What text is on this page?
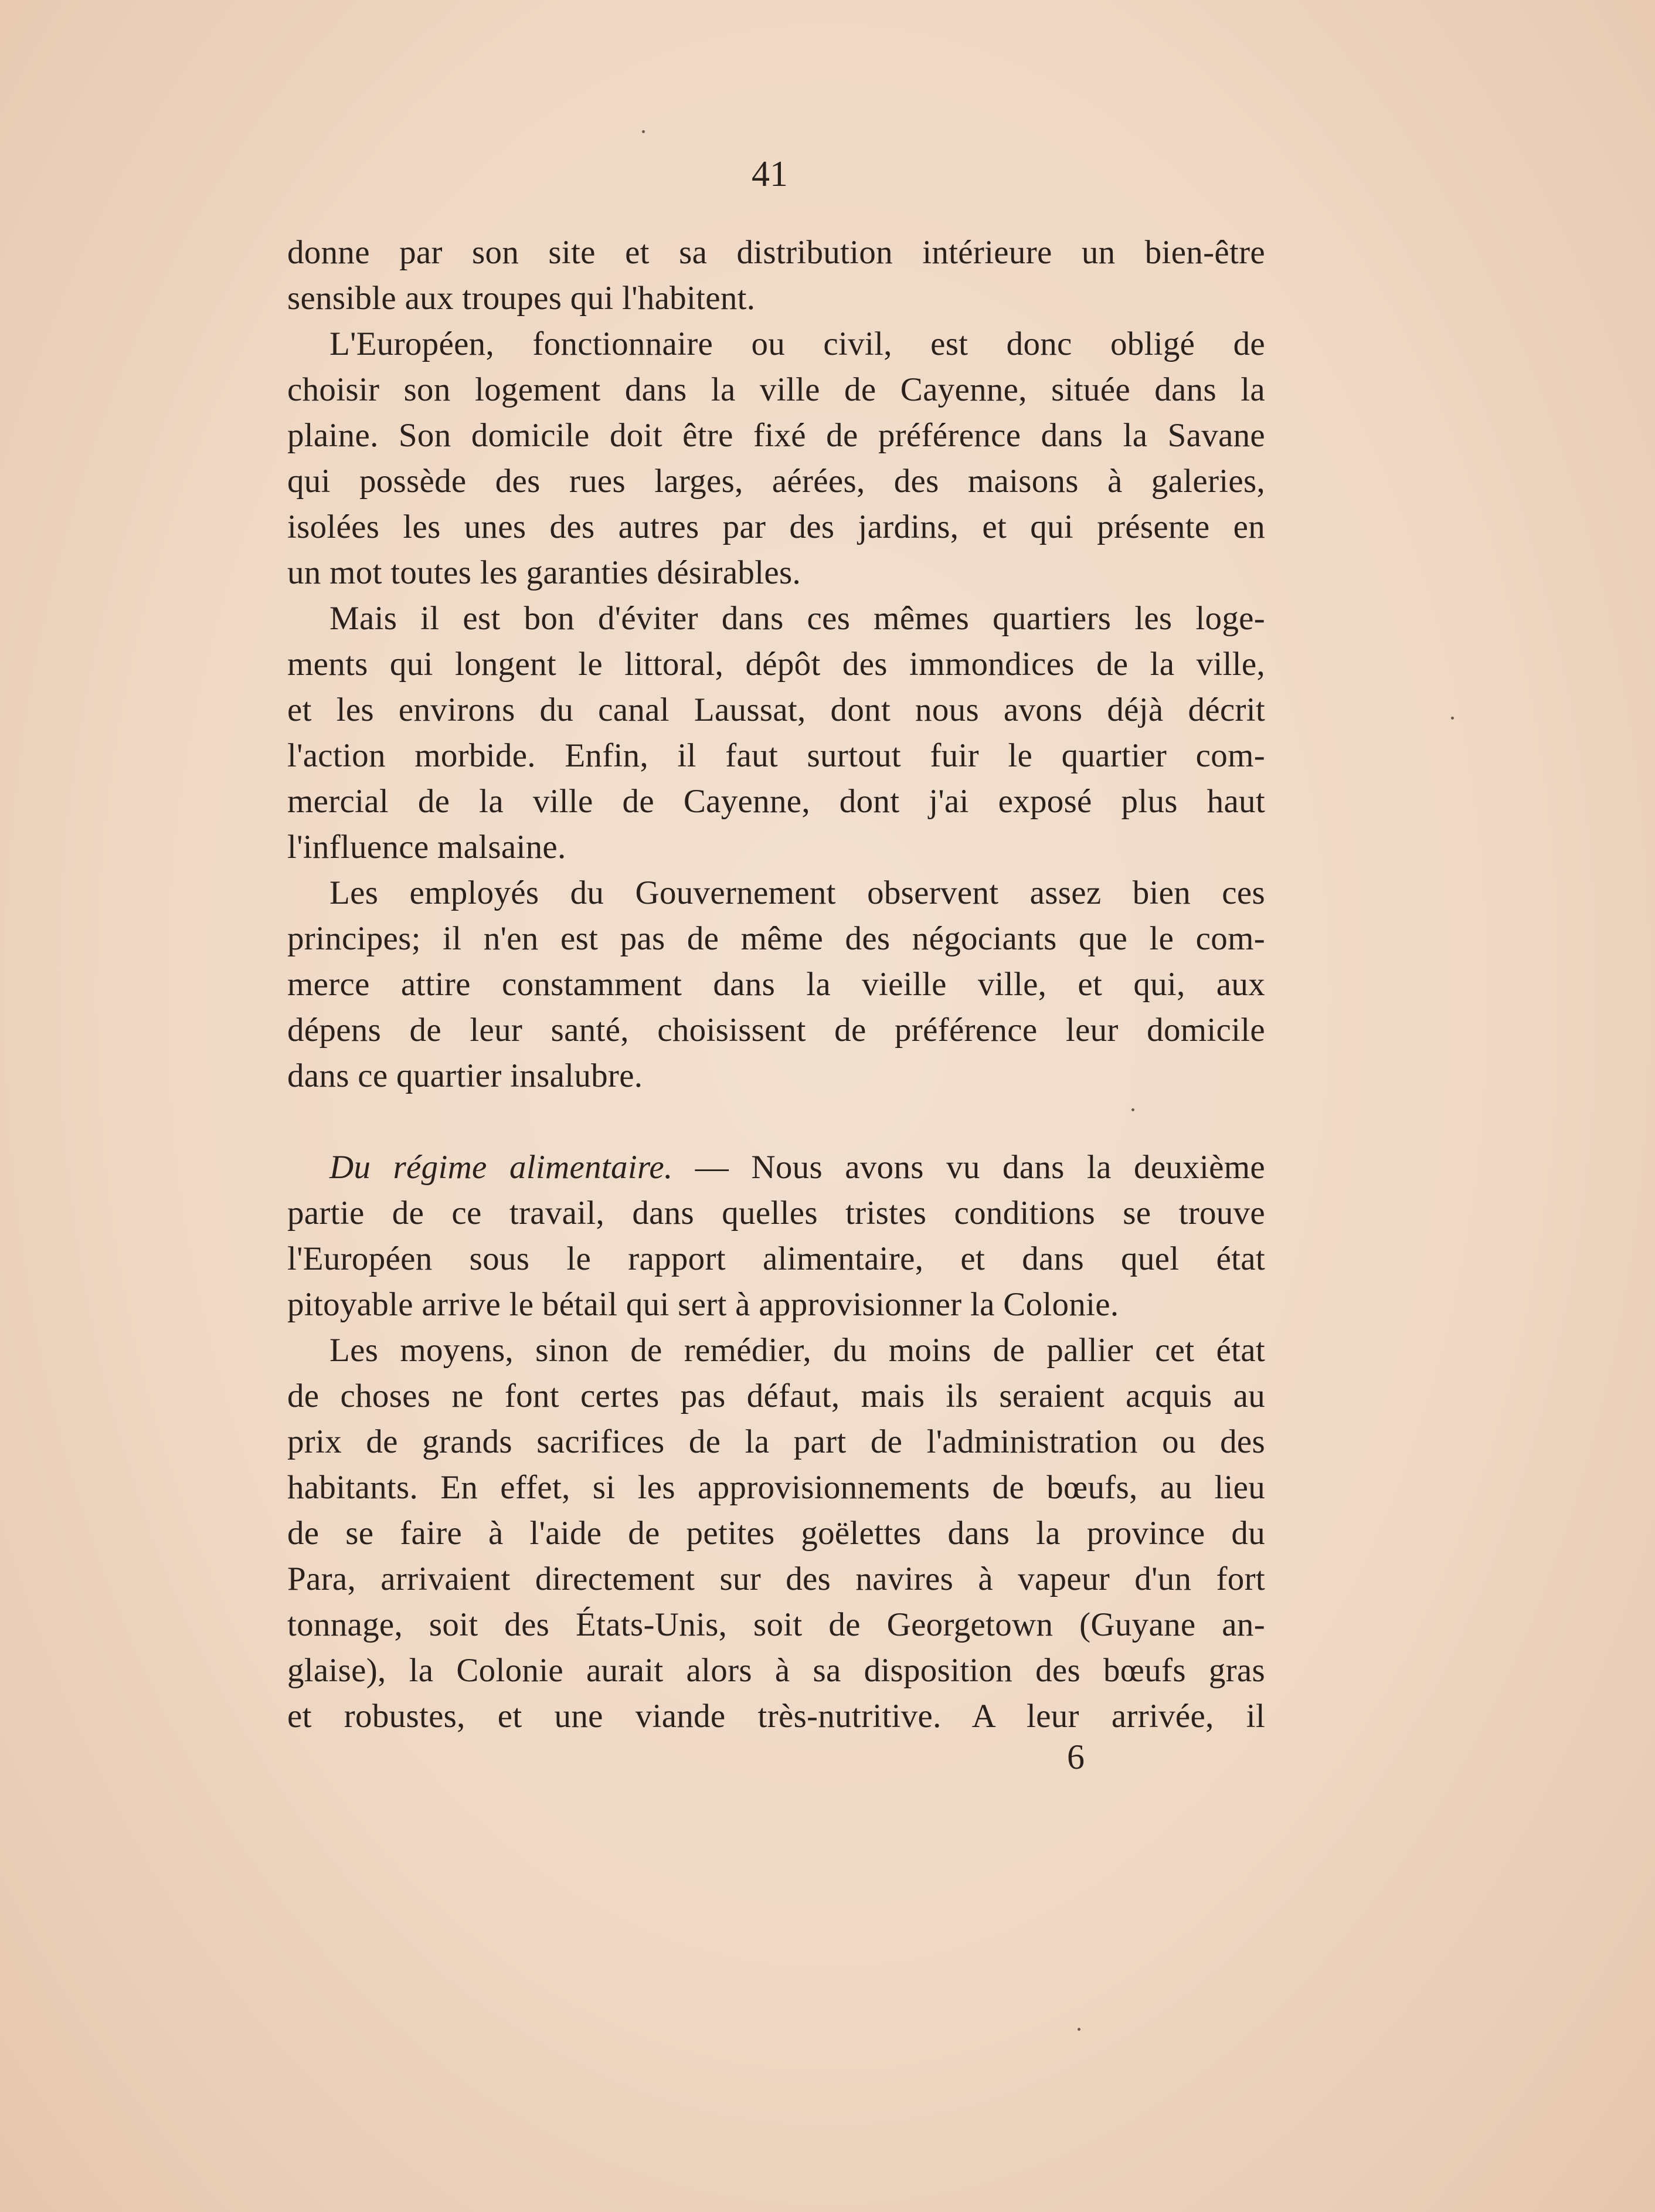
41
donne par son site et sa distribution intérieure un bien-être
sensible aux troupes qui l'habitent.
L'Européen, fonctionnaire ou civil, est donc obligé de
choisir son logement dans la ville de Cayenne, située dans la
plaine. Son domicile doit être fixé de préférence dans la Savane
qui possède des rues larges, aérées, des maisons à galeries,
isolées les unes des autres par des jardins, et qui présente en
un mot toutes les garanties désirables.
Mais il est bon d'éviter dans ces mêmes quartiers les loge-
ments qui longent le littoral, dépôt des immondices de la ville,
et les environs du canal Laussat, dont nous avons déjà décrit
l'action morbide. Enfin, il faut surtout fuir le quartier com-
mercial de la ville de Cayenne, dont j'ai exposé plus haut
l'influence malsaine.
Les employés du Gouvernement observent assez bien ces
principes; il n'en est pas de même des négociants que le com-
merce attire constamment dans la vieille ville, et qui, aux
dépens de leur santé, choisissent de préférence leur domicile
dans ce quartier insalubre.
Du régime alimentaire. — Nous avons vu dans la deuxième
partie de ce travail, dans quelles tristes conditions se trouve
l'Européen sous le rapport alimentaire, et dans quel état
pitoyable arrive le bétail qui sert à approvisionner la Colonie.
Les moyens, sinon de remédier, du moins de pallier cet état
de choses ne font certes pas défaut, mais ils seraient acquis au
prix de grands sacrifices de la part de l'administration ou des
habitants. En effet, si les approvisionnements de bœufs, au lieu
de se faire à l'aide de petites goëlettes dans la province du
Para, arrivaient directement sur des navires à vapeur d'un fort
tonnage, soit des États-Unis, soit de Georgetown (Guyane an-
glaise), la Colonie aurait alors à sa disposition des bœufs gras
et robustes, et une viande très-nutritive. A leur arrivée, il
6
